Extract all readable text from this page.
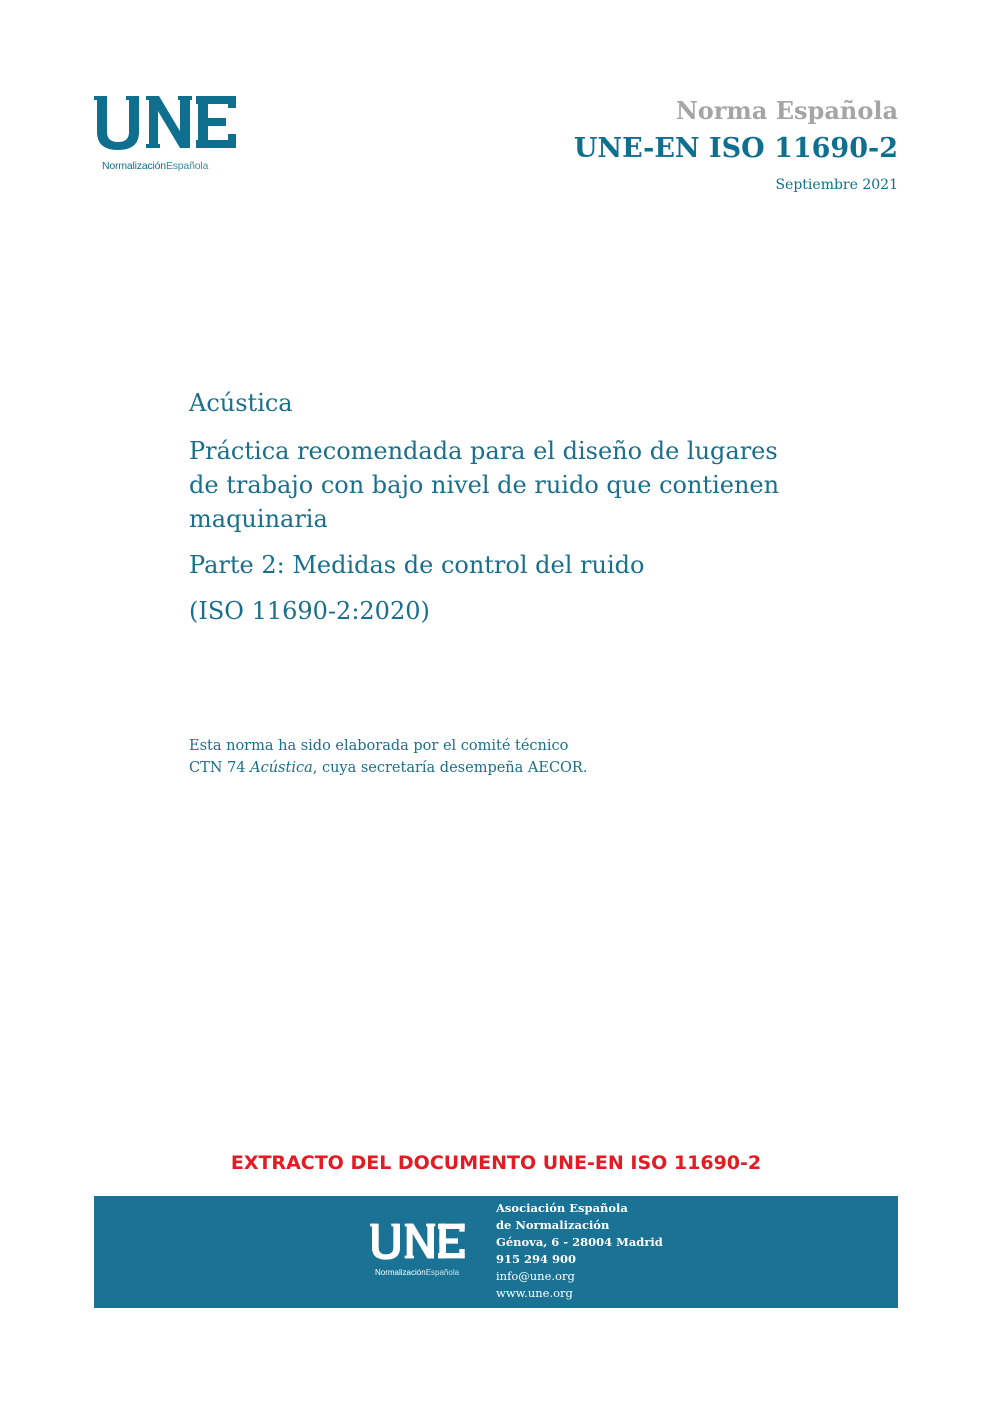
NormalizaciónEspañola
Norma Española
UNE-EN ISO 11690-2
Septiembre 2021

Acústica

Práctica recomendada para el diseño de lugares

de trabajo con bajo nivel de ruido que contienen

maquinaria

Parte 2: Medidas de control del ruido

(ISO 11690-2:2020)

Esta norma ha sido elaborada por el comité técnico

CTN 74 Acústica, cuya secretaría desempeña AECOR.

EXTRACTO DEL DOCUMENTO UNE-EN ISO 11690-2
NormalizaciónEspañola
Asociación Española
de Normalización
Génova, 6 - 28004 Madrid
915 294 900
info@une.org
www.une.org
